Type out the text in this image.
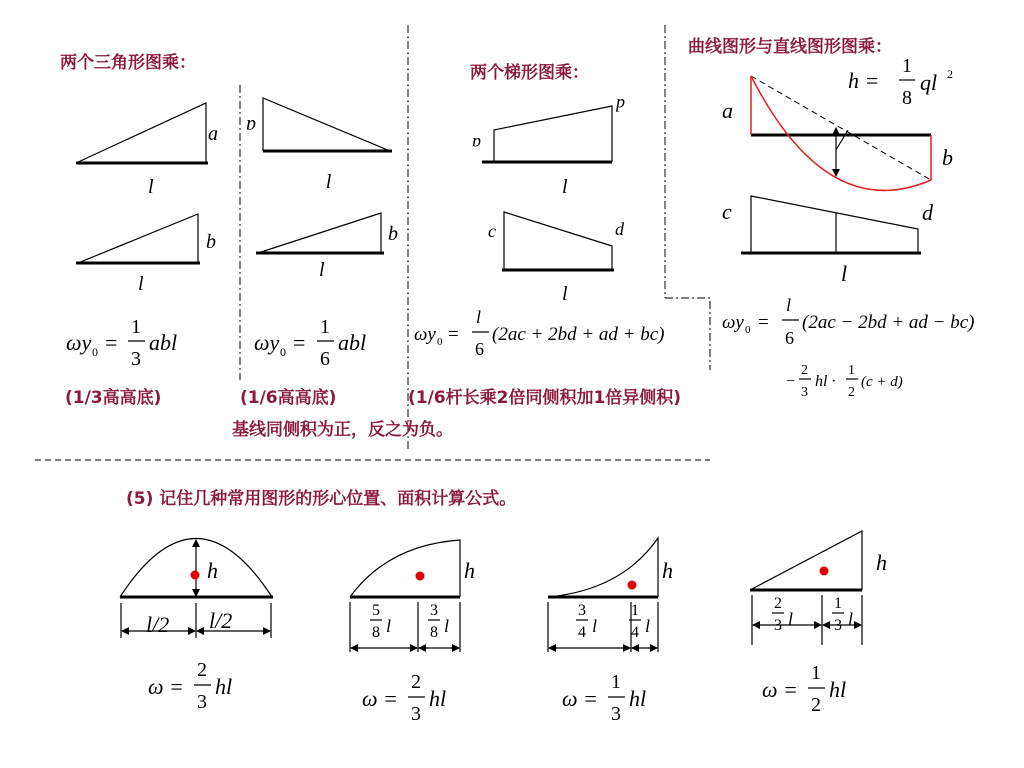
两个三角形图乘：	两个梯形图乘：
曲线图形与直线图形图乘：
a
l
b
l
ωy 0 =
1
3
abl
(1/3高高底)
a
l
b
l
ωy 0 =
1
6
abl
(1/6高高底)
基线同侧积为正，反之为负。
a
d
l
c	d
l
ωy 0 =
l
6
(2ac + 2bd + ad + bc)
(1/6杆长乘2倍同侧积加1倍异侧积)
h =
1
8
ql 2
a
b
c	d
l
ωy 0 =
l
6
(2ac − 2bd + ad − bc)
−
2
3
hl ·
1
2
(c + d)
(5) 记住几种常用图形的形心位置、面积计算公式。
h
l/2 l/2
ω =
2
3
hl
h
5
8 l
3
8 l
ω =
2
3
hl
h
3
4 l
1
4 l
ω =
1
3
hl
h
2
3 l
1
3 l
ω =
1
2
hl
